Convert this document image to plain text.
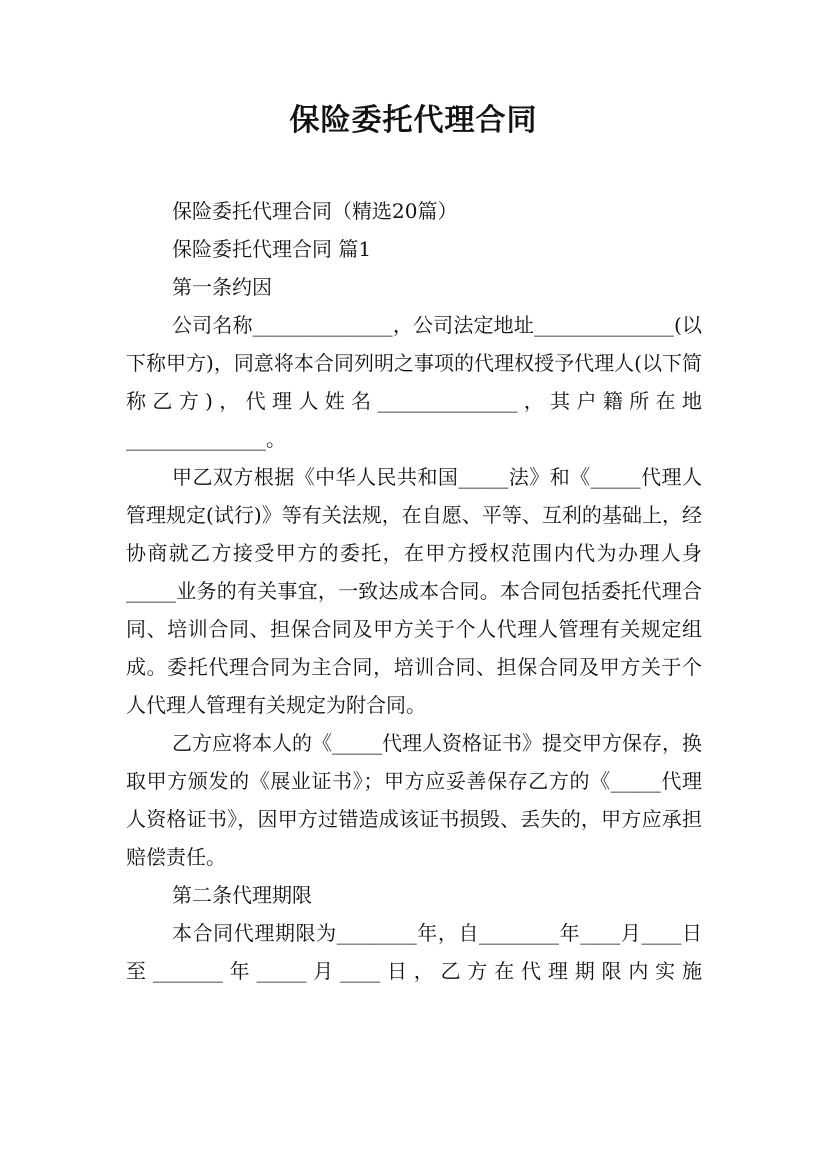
保险委托代理合同

保险委托代理合同（精选20篇）

保险委托代理合同 篇1

第一条约因

公司名称______________，公司法定地址______________(以下称甲方)，同意将本合同列明之事项的代理权授予代理人(以下简称乙方)，代理人姓名______________，其户籍所在地______________。

甲乙双方根据《中华人民共和国_____法》和《_____代理人管理规定(试行)》等有关法规，在自愿、平等、互利的基础上，经协商就乙方接受甲方的委托，在甲方授权范围内代为办理人身_____业务的有关事宜，一致达成本合同。本合同包括委托代理合同、培训合同、担保合同及甲方关于个人代理人管理有关规定组成。委托代理合同为主合同，培训合同、担保合同及甲方关于个人代理人管理有关规定为附合同。

乙方应将本人的《_____代理人资格证书》提交甲方保存，换取甲方颁发的《展业证书》；甲方应妥善保存乙方的《_____代理人资格证书》，因甲方过错造成该证书损毁、丢失的，甲方应承担赔偿责任。

第二条代理期限

本合同代理期限为________年，自________年____月____日至_______年_____月____日，乙方在代理期限内实施
